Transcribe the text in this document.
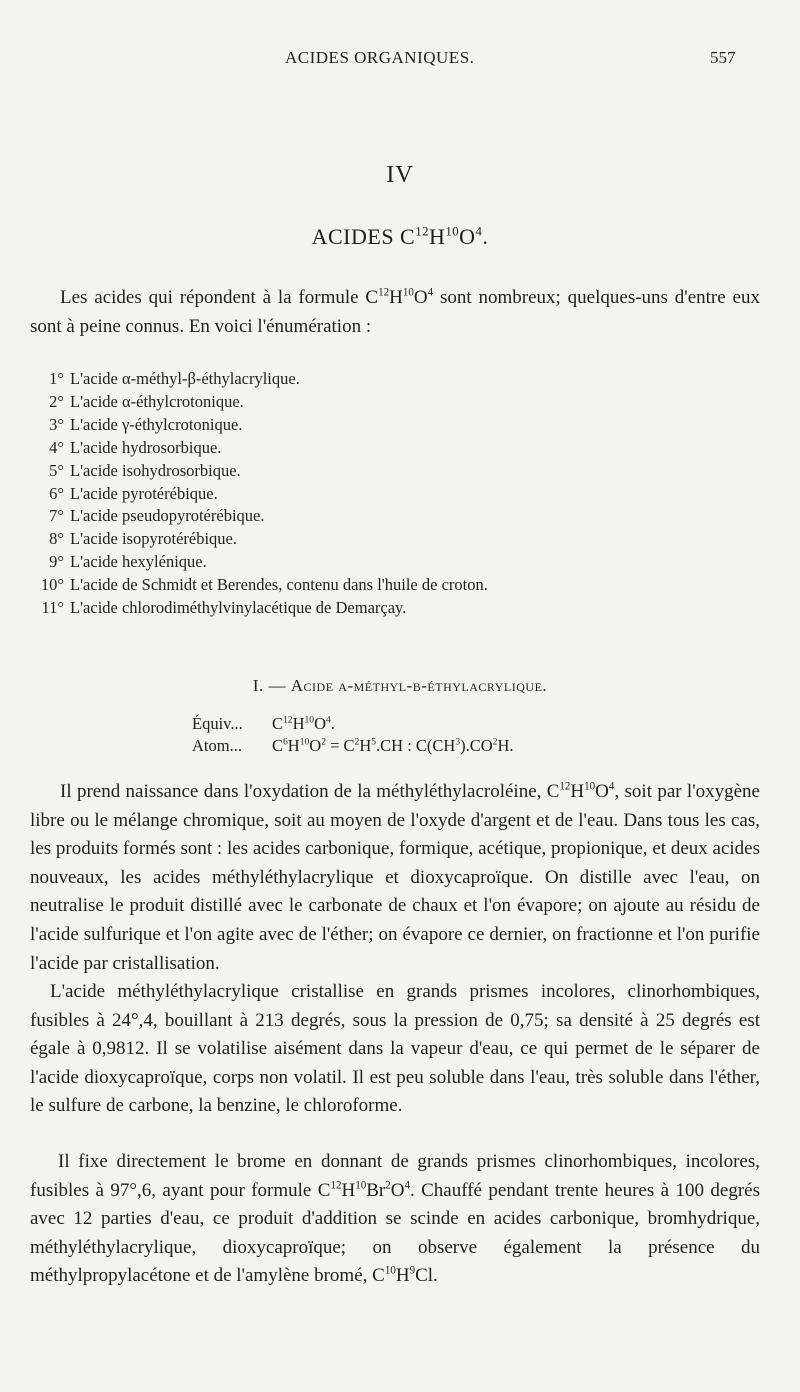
ACIDES ORGANIQUES.	557
IV
ACIDES $C^{12}H^{10}O^4$.

Les acides qui répondent à la formule $C^{12}H^{10}O^4$ sont nombreux; quelques-uns d'entre eux sont à peine connus. En voici l'énumération :

1° L'acide α-méthyl-β-éthylacrylique.
2° L'acide α-éthylcrotonique.
3° L'acide γ-éthylcrotonique.
4° L'acide hydrosorbique.
5° L'acide isohydrosorbique.
6° L'acide pyrotérébique.
7° L'acide pseudopyrotérébique.
8° L'acide isopyrotérébique.
9° L'acide hexylénique.
10° L'acide de Schmidt et Berendes, contenu dans l'huile de croton.
11° L'acide chlorodiméthylvinylacétique de Demarçay.
I. — Acide α-méthyl-β-éthylacrylique.
Équiv... $C^{12}H^{10}O^4$.
Atom... $C^6H^{10}O^2 = C^2H^5.CH$ : $C(CH^3).CO^2H$.

Il prend naissance dans l'oxydation de la méthyléthylacroléine, $C^{12}H^{10}O^4$, soit par l'oxygène libre ou le mélange chromique, soit au moyen de l'oxyde d'argent et de l'eau. Dans tous les cas, les produits formés sont : les acides carbonique, formique, acétique, propionique, et deux acides nouveaux, les acides méthyléthylacrylique et dioxycaproïque. On distille avec l'eau, on neutralise le produit distillé avec le carbonate de chaux et l'on évapore; on ajoute au résidu de l'acide sulfurique et l'on agite avec de l'éther; on évapore ce dernier, on fractionne et l'on purifie l'acide par cristallisation.

L'acide méthyléthylacrylique cristallise en grands prismes incolores, clinorhombiques, fusibles à 24°,4, bouillant à 213 degrés, sous la pression de 0,75; sa densité à 25 degrés est égale à 0,9812. Il se volatilise aisément dans la vapeur d'eau, ce qui permet de le séparer de l'acide dioxycaproïque, corps non volatil. Il est peu soluble dans l'eau, très soluble dans l'éther, le sulfure de carbone, la benzine, le chloroforme.

Il fixe directement le brome en donnant de grands prismes clinorhombiques, incolores, fusibles à 97°,6, ayant pour formule $C^{12}H^{10}Br^2O^4$. Chauffé pendant trente heures à 100 degrés avec 12 parties d'eau, ce produit d'addition se scinde en acides carbonique, bromhydrique, méthyléthylacrylique, dioxycaproïque; on observe également la présence du méthylpropylacétone et de l'amylène bromé, $C^{10}H^9Cl$.
